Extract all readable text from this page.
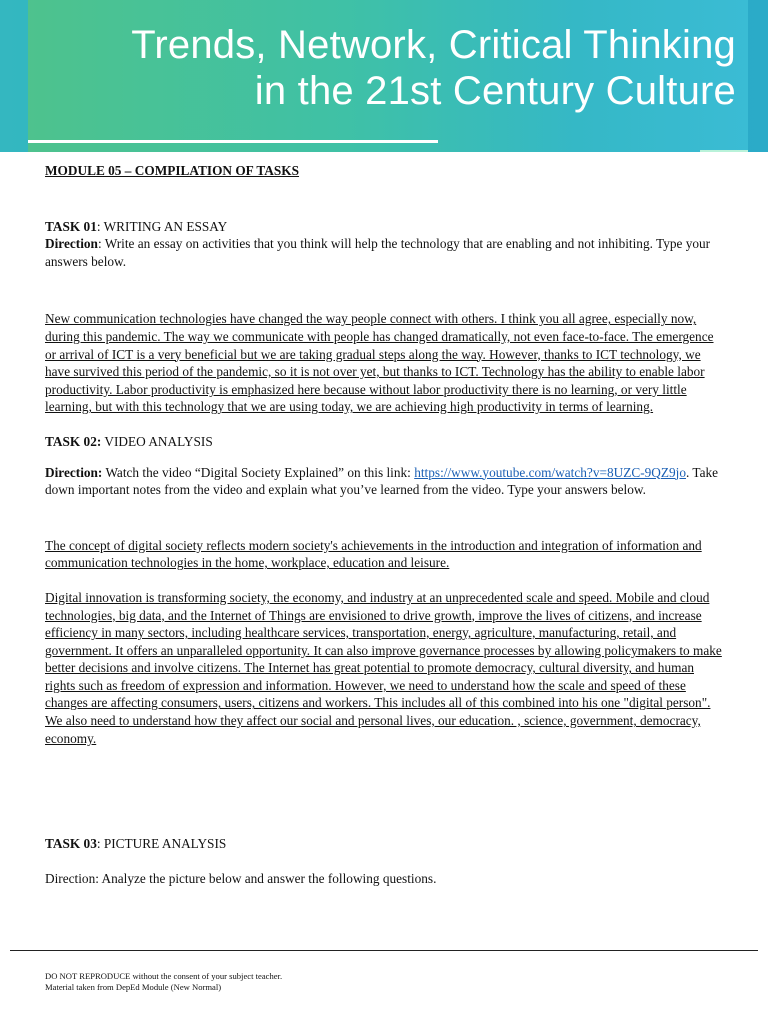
Trends, Network, Critical Thinking
in the 21st Century Culture

MODULE 05 – COMPILATION OF TASKS

TASK 01: WRITING AN ESSAY

Direction: Write an essay on activities that you think will help the technology that are enabling and not inhibiting. Type your answers below.

New communication technologies have changed the way people connect with others. I think you all agree, especially now, during this pandemic. The way we communicate with people has changed dramatically, not even face-to-face. The emergence or arrival of ICT is a very beneficial but we are taking gradual steps along the way. However, thanks to ICT technology, we have survived this period of the pandemic, so it is not over yet, but thanks to ICT. Technology has the ability to enable labor productivity. Labor productivity is emphasized here because without labor productivity there is no learning, or very little learning, but with this technology that we are using today, we are achieving high productivity in terms of learning.

TASK 02: VIDEO ANALYSIS

Direction: Watch the video “Digital Society Explained” on this link: https://www.youtube.com/watch?v=8UZC-9QZ9jo. Take down important notes from the video and explain what you’ve learned from the video. Type your answers below.

The concept of digital society reflects modern society's achievements in the introduction and integration of information and communication technologies in the home, workplace, education and leisure.

Digital innovation is transforming society, the economy, and industry at an unprecedented scale and speed. Mobile and cloud technologies, big data, and the Internet of Things are envisioned to drive growth, improve the lives of citizens, and increase efficiency in many sectors, including healthcare services, transportation, energy, agriculture, manufacturing, retail, and government. It offers an unparalleled opportunity. It can also improve governance processes by allowing policymakers to make better decisions and involve citizens. The Internet has great potential to promote democracy, cultural diversity, and human rights such as freedom of expression and information. However, we need to understand how the scale and speed of these changes are affecting consumers, users, citizens and workers. This includes all of this combined into his one "digital person". We also need to understand how they affect our social and personal lives, our education. , science, government, democracy, economy.

TASK 03: PICTURE ANALYSIS

Direction: Analyze the picture below and answer the following questions.

DO NOT REPRODUCE without the consent of your subject teacher.
Material taken from DepEd Module (New Normal)
